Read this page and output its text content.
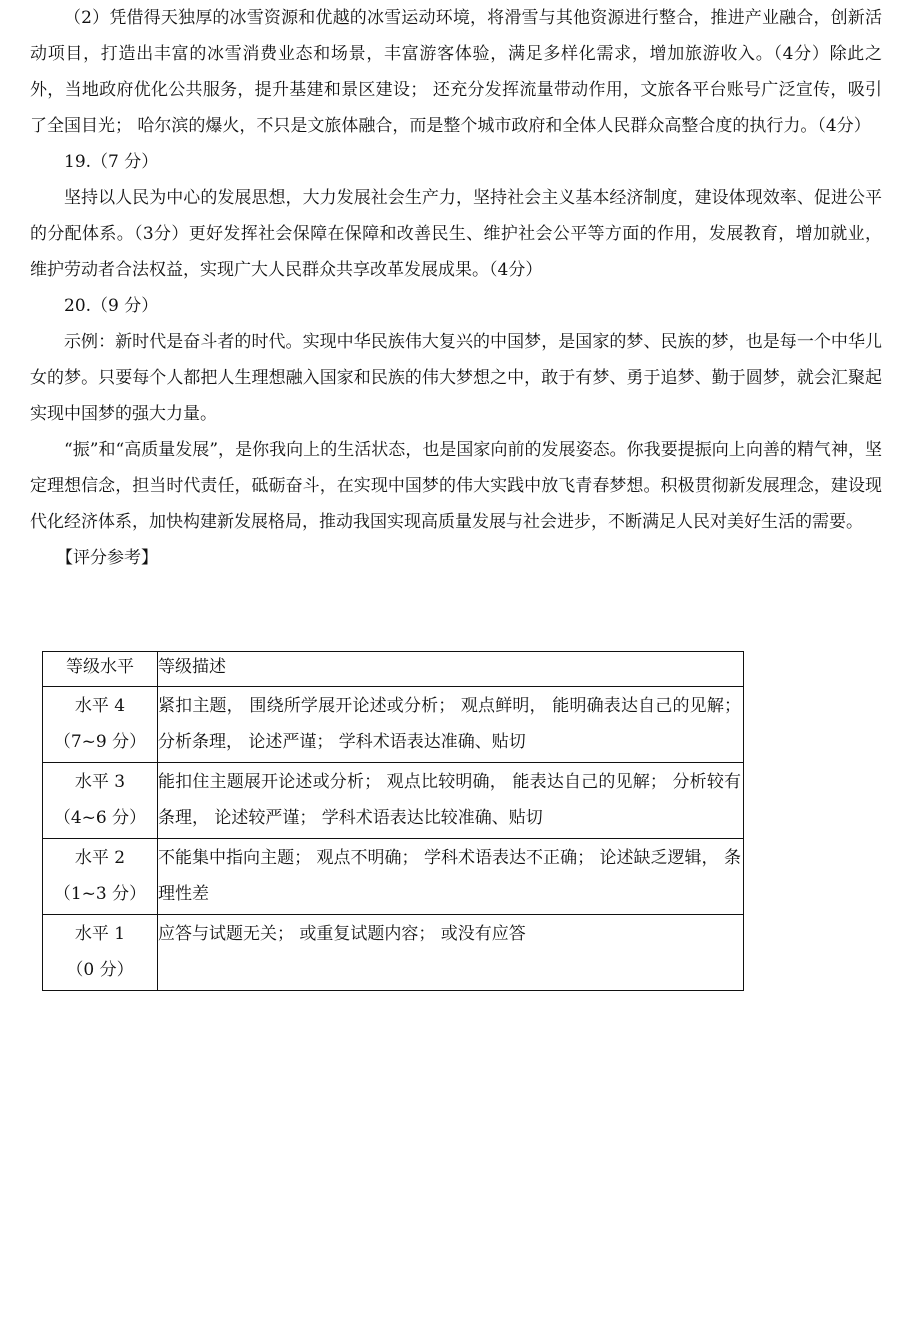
（2）凭借得天独厚的冰雪资源和优越的冰雪运动环境，将滑雪与其他资源进行整合，推进产业融合，创新活动项目，打造出丰富的冰雪消费业态和场景，丰富游客体验，满足多样化需求，增加旅游收入。（4分）除此之外，当地政府优化公共服务，提升基建和景区建设； 还充分发挥流量带动作用，文旅各平台账号广泛宣传，吸引了全国目光； 哈尔滨的爆火，不只是文旅体融合，而是整个城市政府和全体人民群众高整合度的执行力。（4分）

19.（7 分）

坚持以人民为中心的发展思想，大力发展社会生产力，坚持社会主义基本经济制度，建设体现效率、促进公平的分配体系。（3分）更好发挥社会保障在保障和改善民生、维护社会公平等方面的作用，发展教育，增加就业，维护劳动者合法权益，实现广大人民群众共享改革发展成果。（4分）

20.（9 分）

示例：新时代是奋斗者的时代。实现中华民族伟大复兴的中国梦，是国家的梦、民族的梦，也是每一个中华儿女的梦。只要每个人都把人生理想融入国家和民族的伟大梦想之中，敢于有梦、勇于追梦、勤于圆梦，就会汇聚起实现中国梦的强大力量。

“振”和“高质量发展”，是你我向上的生活状态，也是国家向前的发展姿态。你我要提振向上向善的精气神，坚定理想信念，担当时代责任，砥砺奋斗，在实现中国梦的伟大实践中放飞青春梦想。积极贯彻新发展理念，建设现代化经济体系，加快构建新发展格局，推动我国实现高质量发展与社会进步，不断满足人民对美好生活的需要。

【评分参考】

等级水平	等级描述

水平 4
（7~9 分）	紧扣主题， 围绕所学展开论述或分析； 观点鲜明， 能明确表达自己的见解； 分析条理， 论述严谨； 学科术语表达准确、贴切

水平 3
（4~6 分）	能扣住主题展开论述或分析； 观点比较明确， 能表达自己的见解； 分析较有条理， 论述较严谨； 学科术语表达比较准确、贴切

水平 2
（1~3 分）	不能集中指向主题； 观点不明确； 学科术语表达不正确； 论述缺乏逻辑， 条理性差

水平 1
（0 分）	应答与试题无关； 或重复试题内容； 或没有应答
